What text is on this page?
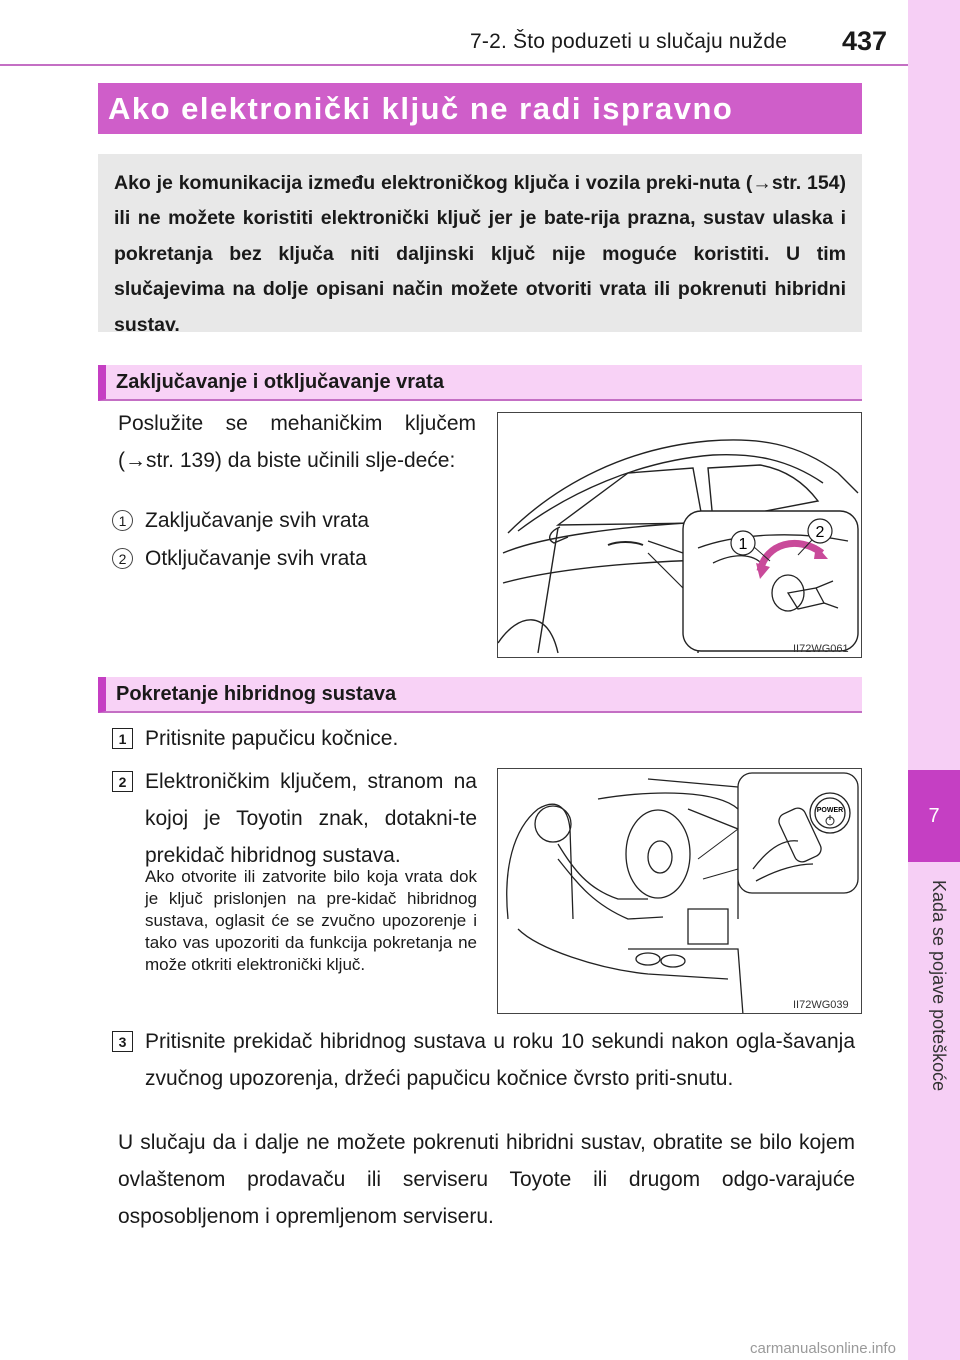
7-2. Što poduzeti u slučaju nužde 437
7
Kada se pojave poteškoće
Ako elektronički ključ ne radi ispravno

Ako je komunikacija između elektroničkog ključa i vozila preki-nuta (→str. 154) ili ne možete koristiti elektronički ključ jer je bate-rija prazna, sustav ulaska i pokretanja bez ključa niti daljinski ključ nije moguće koristiti. U tim slučajevima na dolje opisani način možete otvoriti vrata ili pokrenuti hibridni sustav.

Zaključavanje i otključavanje vrata
Poslužite se mehaničkim ključem (→str. 139) da biste učinili slje-deće:
1 Zaključavanje svih vrata
2 Otključavanje svih vrata
1
2
II72WG061
Pokretanje hibridnog sustava
1 Pritisnite papučicu kočnice.
2 Elektroničkim ključem, stranom na kojoj je Toyotin znak, dotakni-te prekidač hibridnog sustava.
Ako otvorite ili zatvorite bilo koja vrata dok je ključ prislonjen na pre-kidač hibridnog sustava, oglasit će se zvučno upozorenje i tako vas upozoriti da funkcija pokretanja ne može otkriti elektronički ključ.
POWER
II72WG039
3 Pritisnite prekidač hibridnog sustava u roku 10 sekundi nakon ogla-šavanja zvučnog upozorenja, držeći papučicu kočnice čvrsto priti-snutu.
U slučaju da i dalje ne možete pokrenuti hibridni sustav, obratite se bilo kojem ovlaštenom prodavaču ili serviseru Toyote ili drugom odgo-varajuće osposobljenom i opremljenom serviseru.
carmanualsonline.info
